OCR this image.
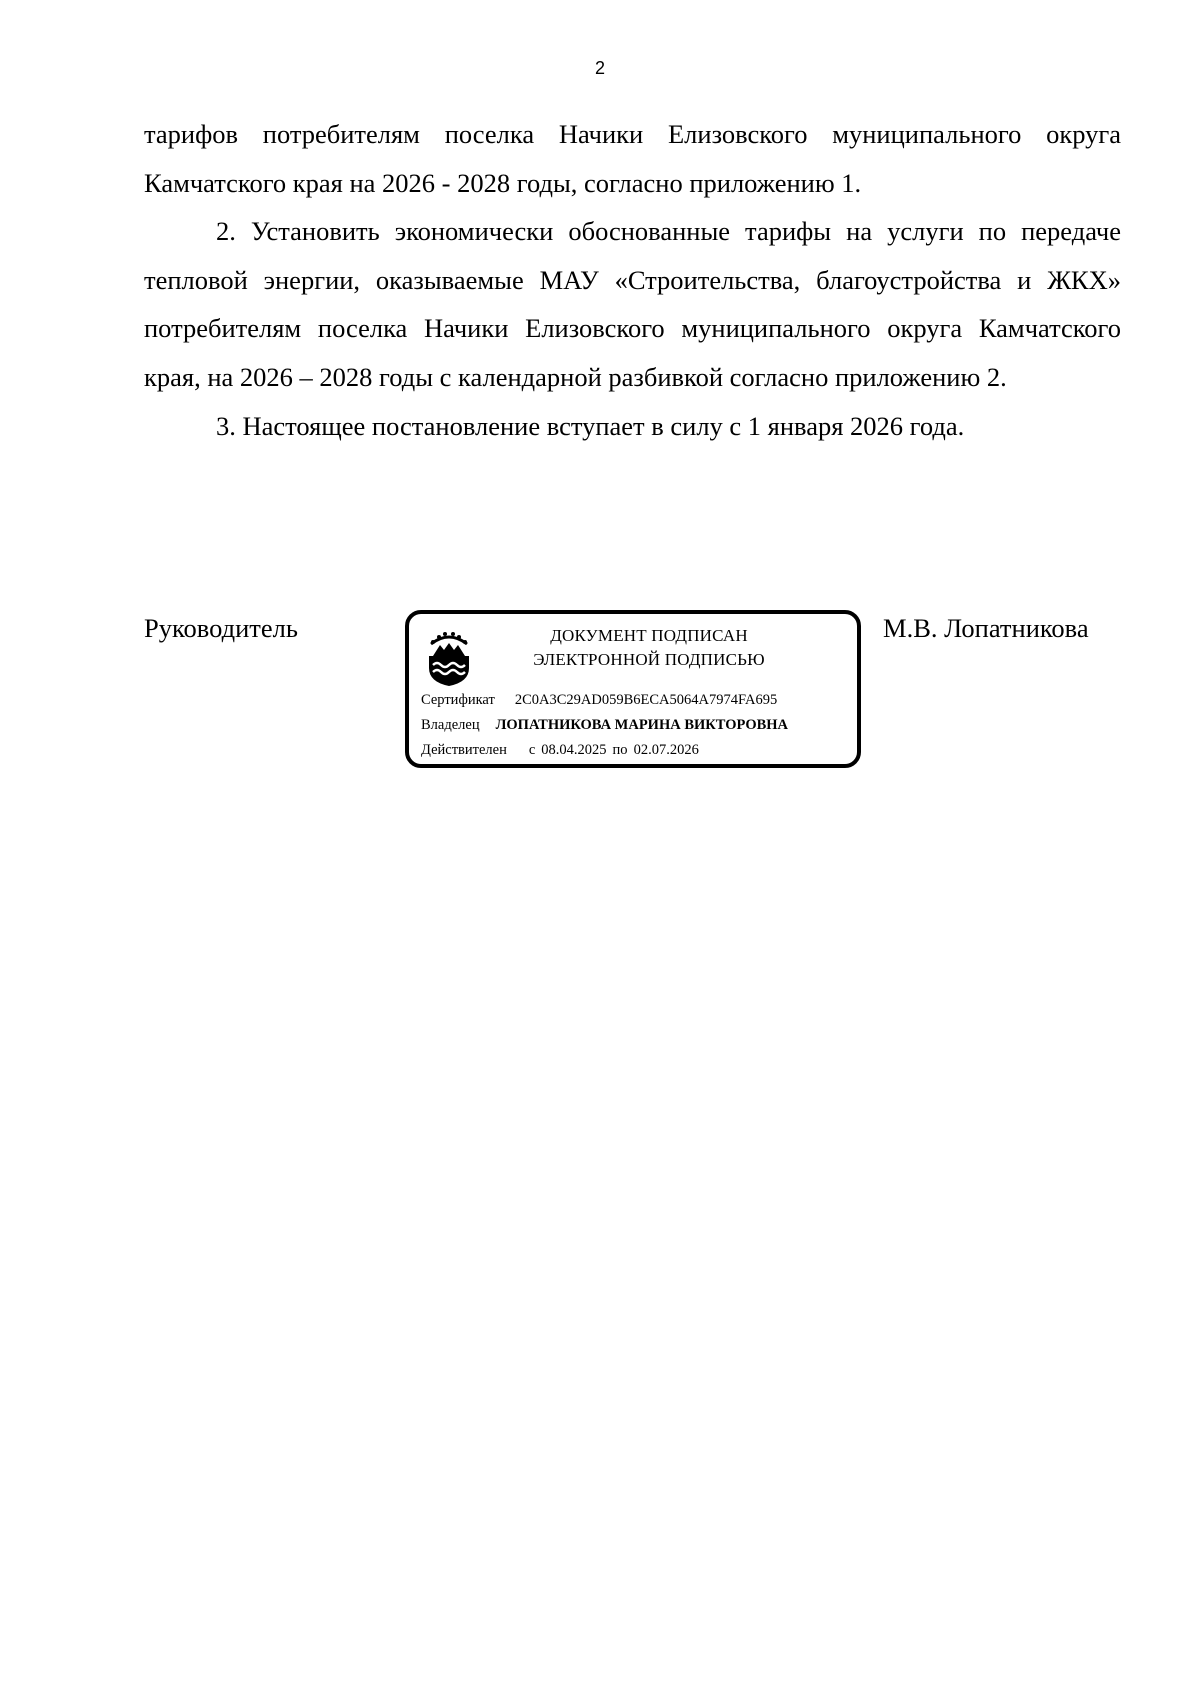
2

тарифов потребителям поселка Начики Елизовского муниципального округа Камчатского края на 2026 - 2028 годы, согласно приложению 1.

2. Установить экономически обоснованные тарифы на услуги по передаче тепловой энергии, оказываемые МАУ «Строительства, благоустройства и ЖКХ» потребителям поселка Начики Елизовского муниципального округа Камчатского края, на 2026 – 2028 годы с календарной разбивкой согласно приложению 2.

3. Настоящее постановление вступает в силу с 1 января 2026 года.

Руководитель	ДОКУМЕНТ ПОДПИСАН
ЭЛЕКТРОННОЙ ПОДПИСЬЮ
Сертификат 2C0A3C29AD059B6ECA5064A7974FA695
Владелец ЛОПАТНИКОВА МАРИНА ВИКТОРОВНА
Действителен с 08.04.2025 по 02.07.2026
М.В. Лопатникова
